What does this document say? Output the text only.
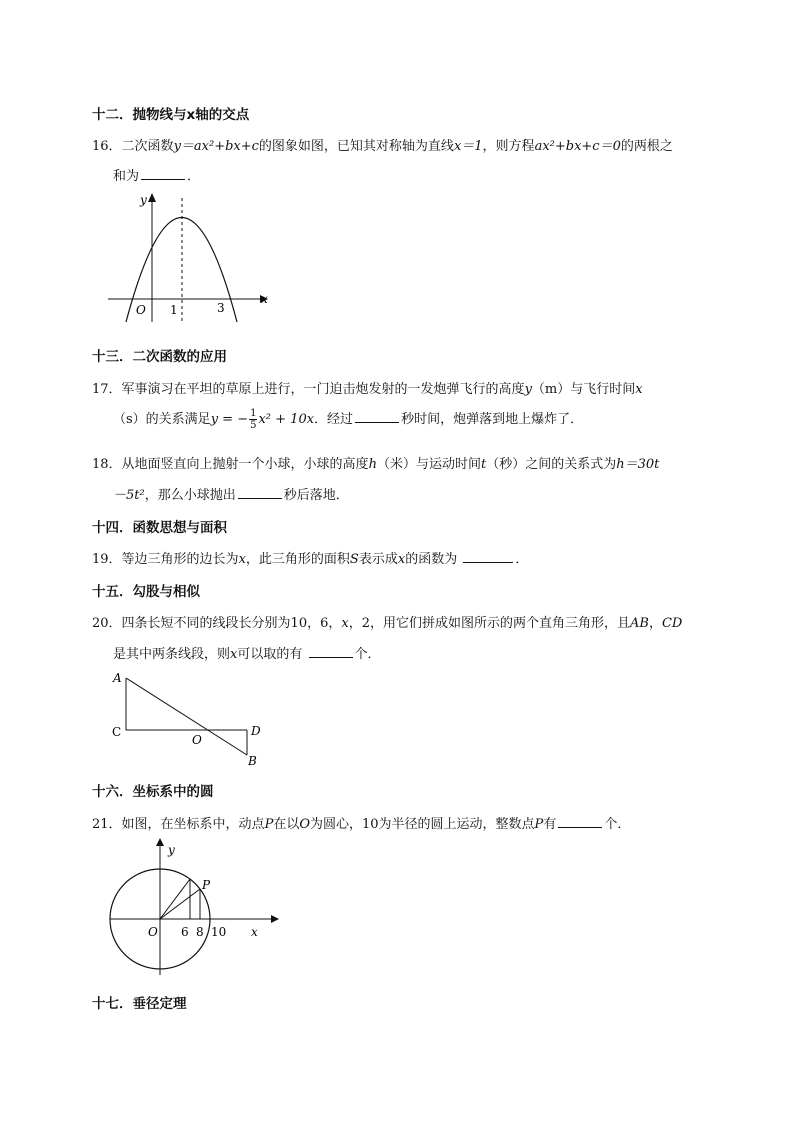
十二．抛物线与x轴的交点
16．二次函数y＝ax²+bx+c的图象如图，已知其对称轴为直线x＝1，则方程ax²+bx+c＝0的两根之
和为	．
y
x
O 1	3
十三．二次函数的应用
17．军事演习在平坦的草原上进行，一门迫击炮发射的一发炮弹飞行的高度y（m）与飞行时间x
（s）的关系满足y = − $\frac{1}{5} x^2 + 10x$．经过	秒时间，炮弹落到地上爆炸了．
18．从地面竖直向上抛射一个小球，小球的高度h（米）与运动时间t（秒）之间的关系式为h＝30t
－5t²，那么小球抛出	秒后落地．
十四．函数思想与面积
19．等边三角形的边长为x，此三角形的面积S表示成x的函数为	．
十五．勾股与相似
20．四条长短不同的线段长分别为10，6，x，2，用它们拼成如图所示的两个直角三角形，且AB，CD
是其中两条线段，则x可以取的有	个．
A
C
O
D
B
十六．坐标系中的圆
21．如图，在坐标系中，动点P在以O为圆心，10为半径的圆上运动，整数点P有	个．
y
x
O
P
6 8 10
十七．垂径定理
